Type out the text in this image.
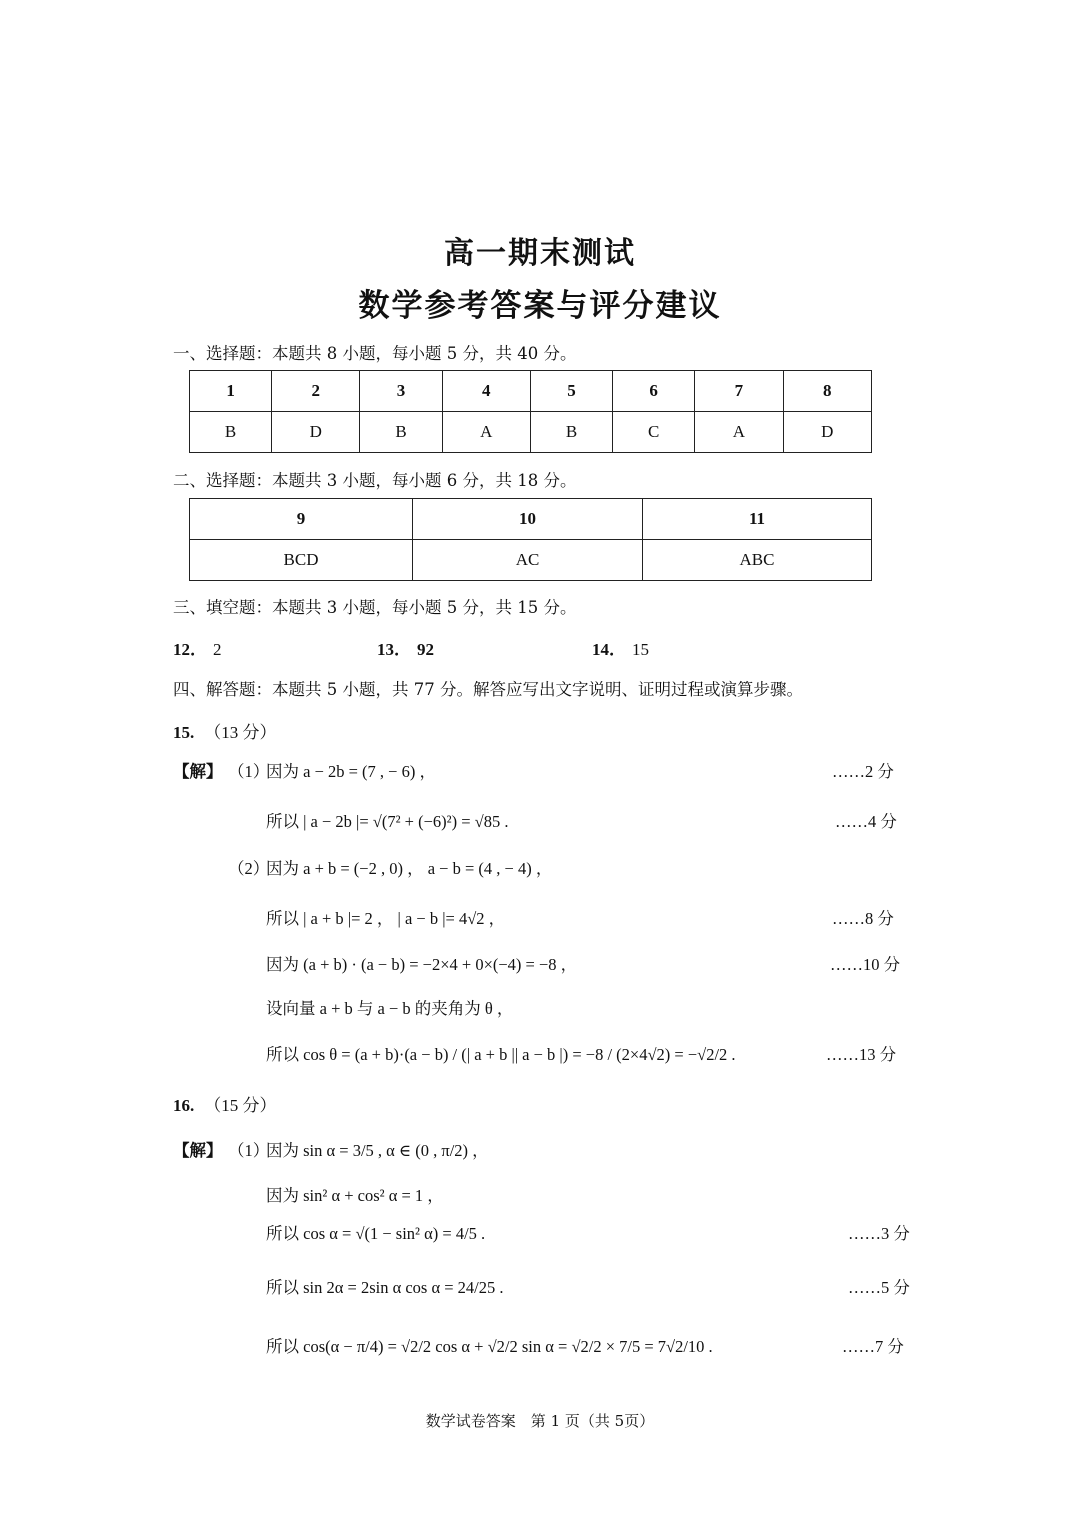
高一期末测试
数学参考答案与评分建议
一、选择题：本题共 8 小题，每小题 5 分，共 40 分。
1	2	3	4	5	6	7	8
B	D	B	A	B	C	A	D
二、选择题：本题共 3 小题，每小题 6 分，共 18 分。
9	10	11
BCD	AC	ABC
三、填空题：本题共 3 小题，每小题 5 分，共 15 分。
12． 2	13． 92	14． 15
四、解答题：本题共 5 小题，共 77 分。解答应写出文字说明、证明过程或演算步骤。
15. （13 分）
【解】 （1）
因为 a − 2b = (7 , − 6) ，	……2 分
所以 | a − 2b |= √(7² + (−6)²) = √85 .	……4 分
（2）
因为 a + b = (−2 , 0) ， a − b = (4 , − 4) ，
所以 | a + b |= 2 ， | a − b |= 4√2 ，	……8 分
因为 (a + b) · (a − b) = −2×4 + 0×(−4) = −8 ，	……10 分
设向量 a + b 与 a − b 的夹角为 θ ，
所以 cos θ = (a + b)·(a − b) / (| a + b || a − b |) = −8 / (2×4√2) = −√2/2 .	……13 分
16. （15 分）
【解】 （1）
因为 sin α = 3/5 , α ∈ (0 , π/2) ，
因为 sin² α + cos² α = 1 ，
所以 cos α = √(1 − sin² α) = 4/5 .	……3 分
所以 sin 2α = 2sin α cos α = 24/25 .	……5 分
所以 cos(α − π/4) = √2/2 cos α + √2/2 sin α = √2/2 × 7/5 = 7√2/10 .	……7 分
数学试卷答案　第 1 页（共 5页）
